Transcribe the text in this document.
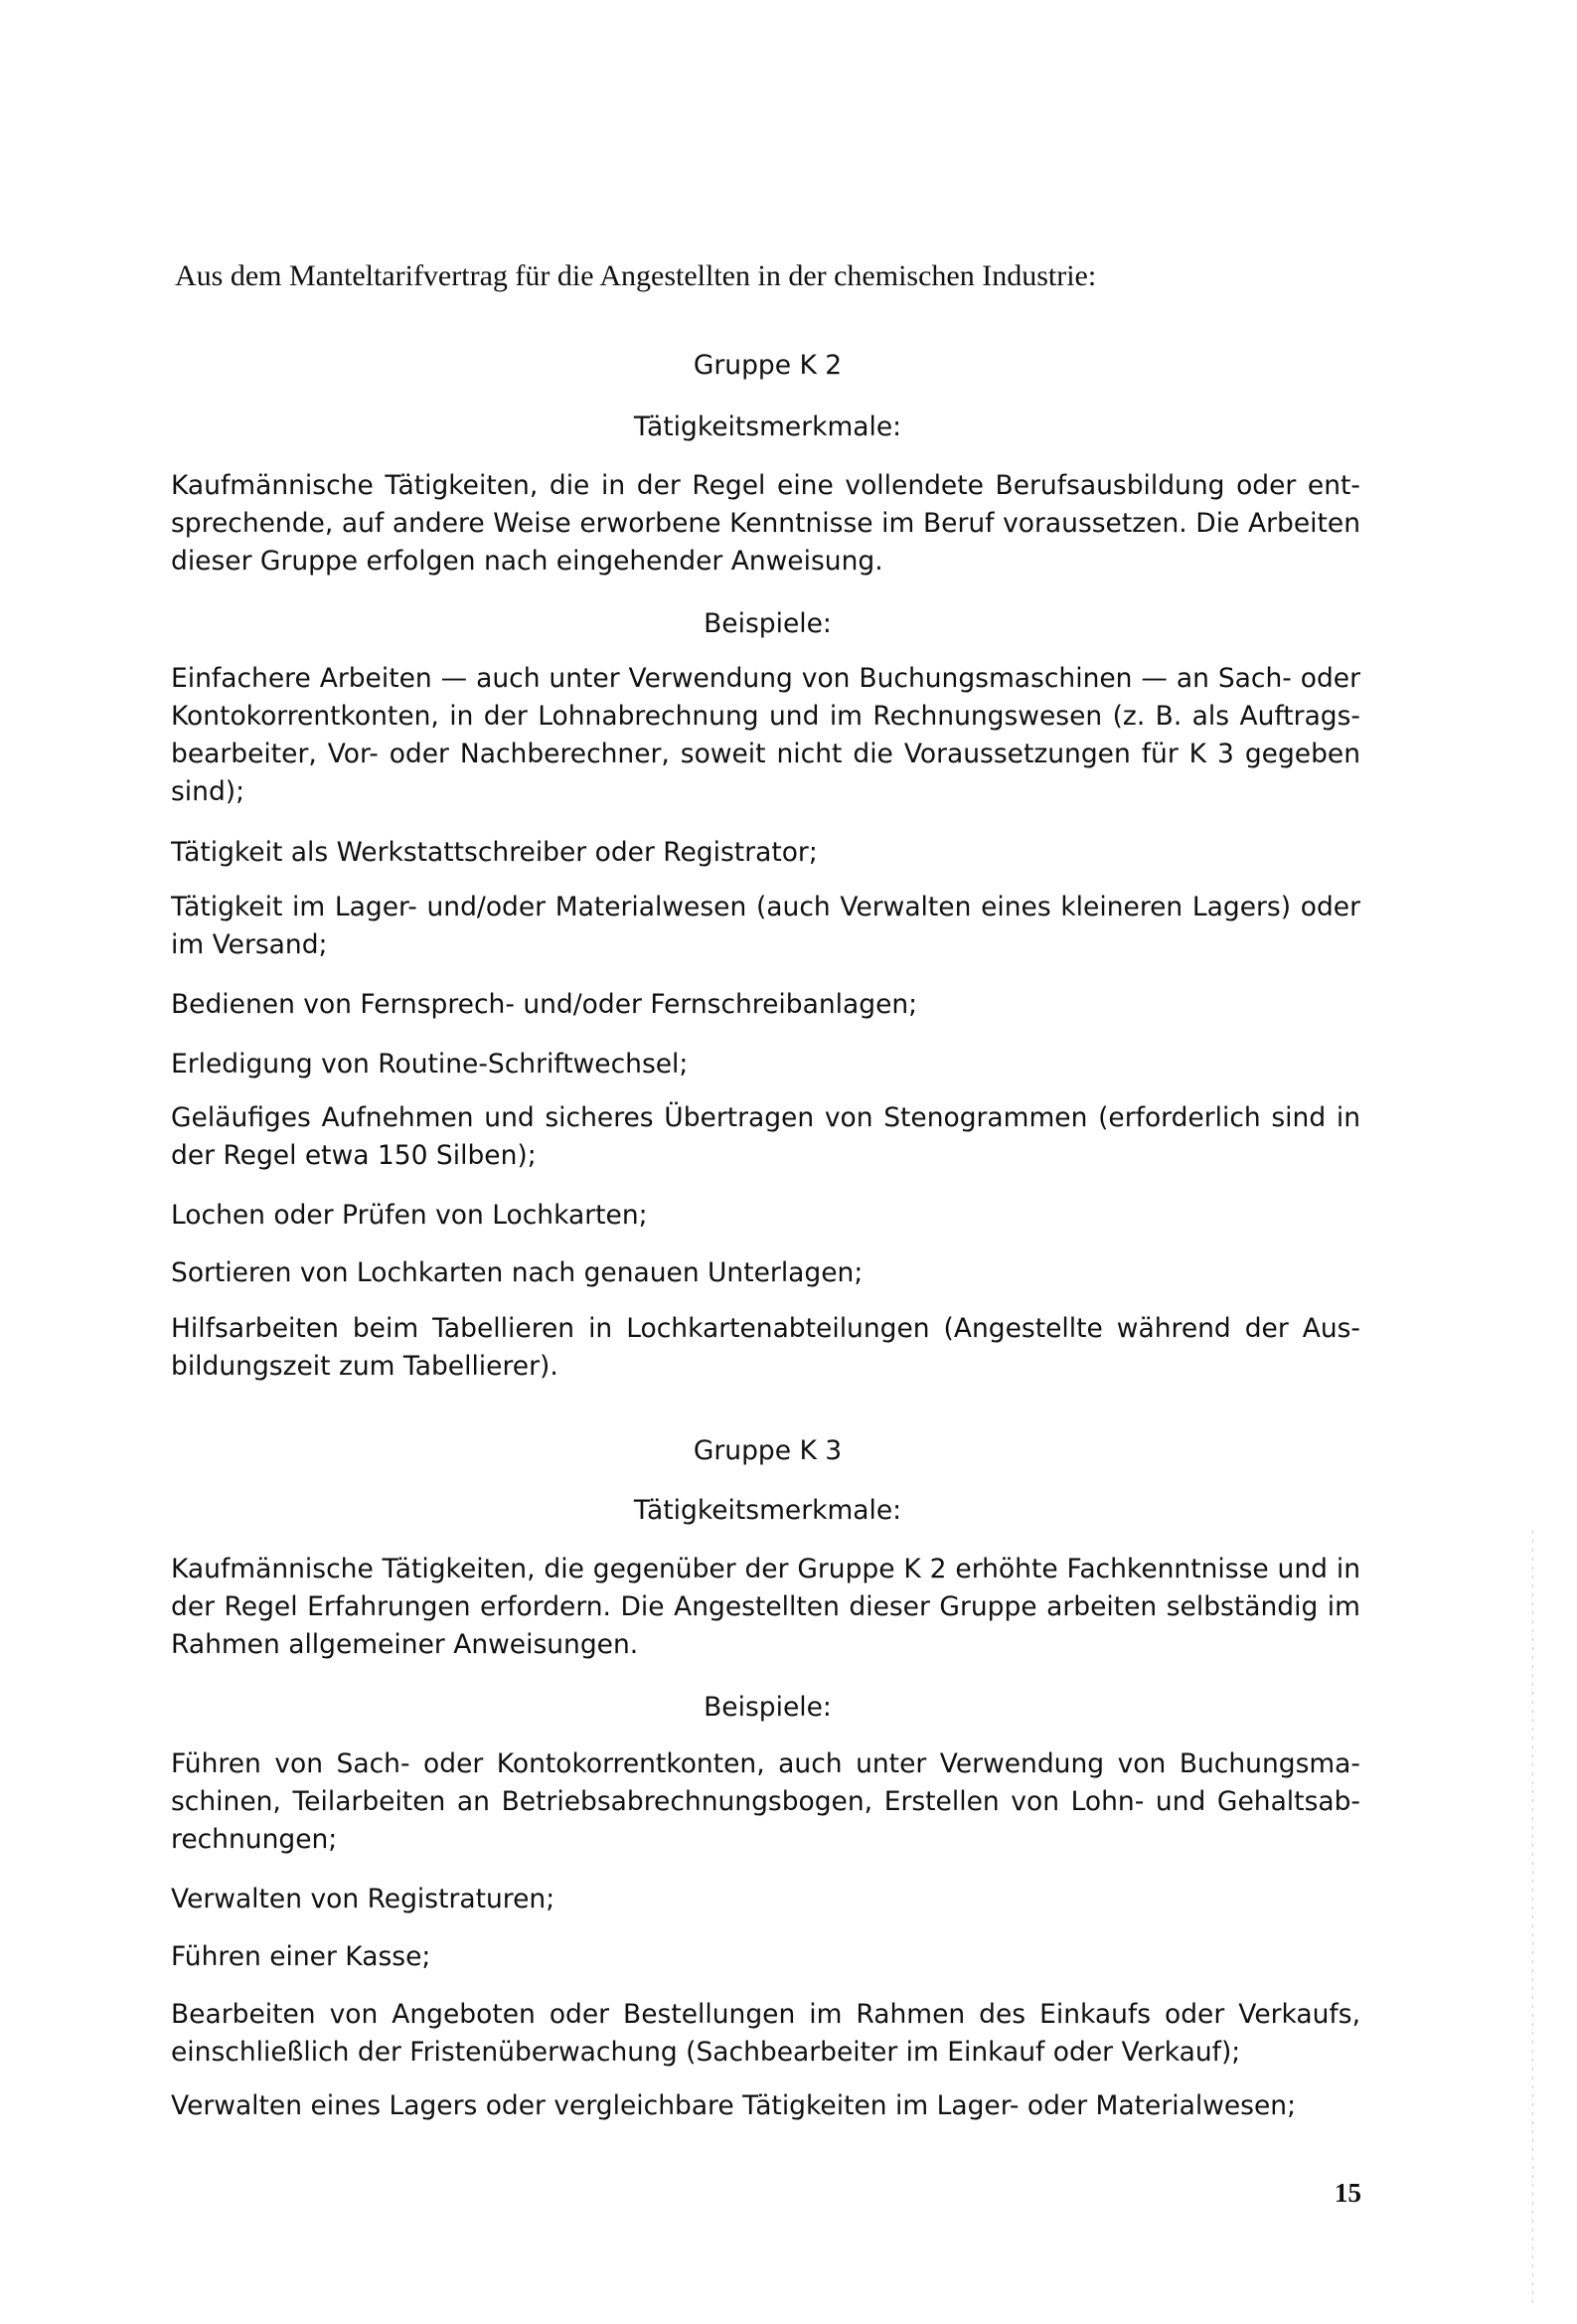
Aus dem Manteltarifvertrag für die Angestellten in der chemischen Industrie:
Gruppe K 2
Tätigkeitsmerkmale:
Kaufmännische Tätigkeiten, die in der Regel eine vollendete Berufsausbildung oder ent-
sprechende, auf andere Weise erworbene Kenntnisse im Beruf voraussetzen. Die Arbeiten
dieser Gruppe erfolgen nach eingehender Anweisung.
Beispiele:
Einfachere Arbeiten — auch unter Verwendung von Buchungsmaschinen — an Sach- oder
Kontokorrentkonten, in der Lohnabrechnung und im Rechnungswesen (z. B. als Auftrags-
bearbeiter, Vor- oder Nachberechner, soweit nicht die Voraussetzungen für K 3 gegeben
sind);
Tätigkeit als Werkstattschreiber oder Registrator;
Tätigkeit im Lager- und/oder Materialwesen (auch Verwalten eines kleineren Lagers) oder
im Versand;
Bedienen von Fernsprech- und/oder Fernschreibanlagen;
Erledigung von Routine-Schriftwechsel;
Geläufiges Aufnehmen und sicheres Übertragen von Stenogrammen (erforderlich sind in
der Regel etwa 150 Silben);
Lochen oder Prüfen von Lochkarten;
Sortieren von Lochkarten nach genauen Unterlagen;
Hilfsarbeiten beim Tabellieren in Lochkartenabteilungen (Angestellte während der Aus-
bildungszeit zum Tabellierer).
Gruppe K 3
Tätigkeitsmerkmale:
Kaufmännische Tätigkeiten, die gegenüber der Gruppe K 2 erhöhte Fachkenntnisse und in
der Regel Erfahrungen erfordern. Die Angestellten dieser Gruppe arbeiten selbständig im
Rahmen allgemeiner Anweisungen.
Beispiele:
Führen von Sach- oder Kontokorrentkonten, auch unter Verwendung von Buchungsma-
schinen, Teilarbeiten an Betriebsabrechnungsbogen, Erstellen von Lohn- und Gehaltsab-
rechnungen;
Verwalten von Registraturen;
Führen einer Kasse;
Bearbeiten von Angeboten oder Bestellungen im Rahmen des Einkaufs oder Verkaufs,
einschließlich der Fristenüberwachung (Sachbearbeiter im Einkauf oder Verkauf);
Verwalten eines Lagers oder vergleichbare Tätigkeiten im Lager- oder Materialwesen;
15
